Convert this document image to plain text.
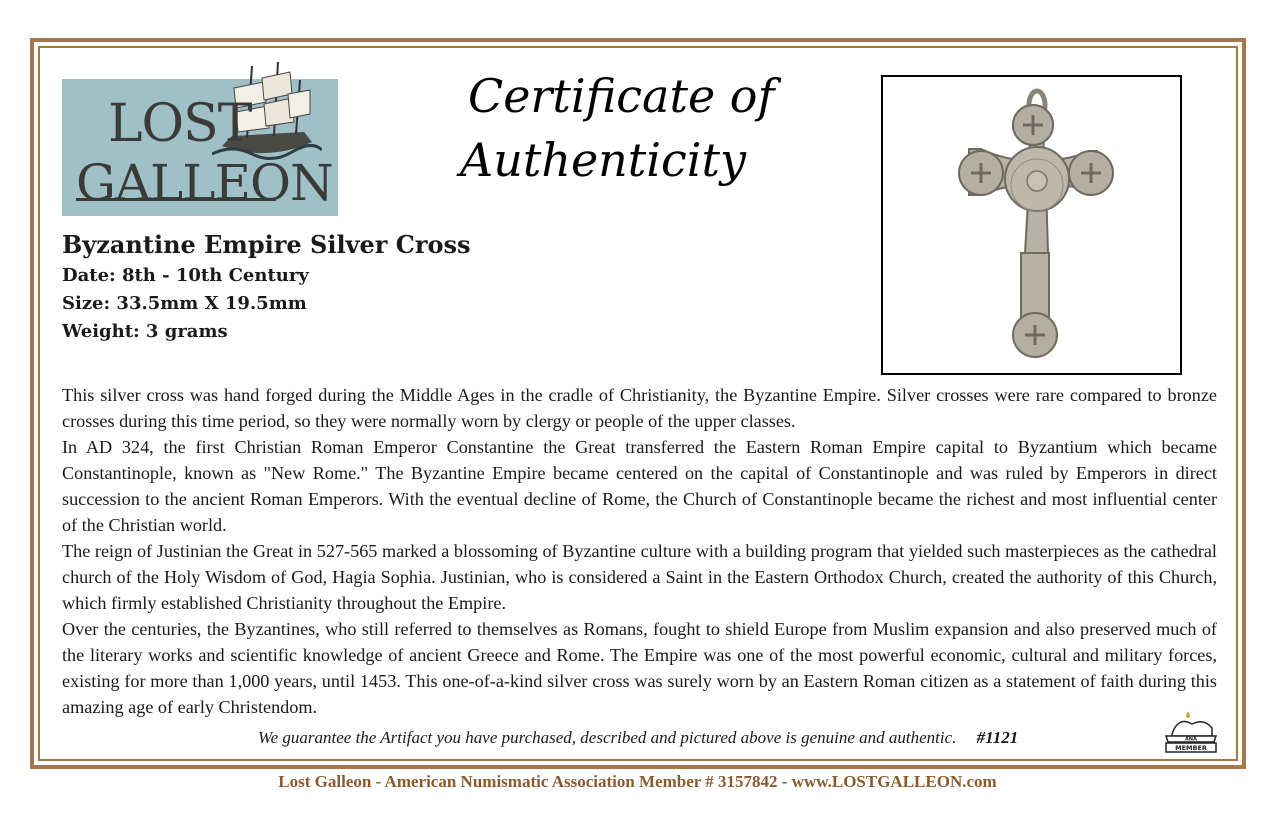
LOST
GALLEON
Certificate of
Authenticity
Byzantine Empire Silver Cross
Date: 8th - 10th Century
Size: 33.5mm X 19.5mm
Weight: 3 grams

This silver cross was hand forged during the Middle Ages in the cradle of Christianity, the Byzantine Empire. Silver crosses were rare compared to bronze crosses during this time period, so they were normally worn by clergy or people of the upper classes.

In AD 324, the first Christian Roman Emperor Constantine the Great transferred the Eastern Roman Empire capital to Byzantium which became Constantinople, known as "New Rome." The Byzantine Empire became centered on the capital of Constantinople and was ruled by Emperors in direct succession to the ancient Roman Emperors. With the eventual decline of Rome, the Church of Constantinople became the richest and most influential center of the Christian world.

The reign of Justinian the Great in 527-565 marked a blossoming of Byzantine culture with a building program that yielded such masterpieces as the cathedral church of the Holy Wisdom of God, Hagia Sophia. Justinian, who is considered a Saint in the Eastern Orthodox Church, created the authority of this Church, which firmly established Christianity throughout the Empire.

Over the centuries, the Byzantines, who still referred to themselves as Romans, fought to shield Europe from Muslim expansion and also preserved much of the literary works and scientific knowledge of ancient Greece and Rome. The Empire was one of the most powerful economic, cultural and military forces, existing for more than 1,000 years, until 1453. This one-of-a-kind silver cross was surely worn by an Eastern Roman citizen as a statement of faith during this amazing age of early Christendom.

We guarantee the Artifact you have purchased, described and pictured above is genuine and authentic. #1121	ANA
MEMBER
Lost Galleon - American Numismatic Association Member # 3157842 - www.LOSTGALLEON.com
